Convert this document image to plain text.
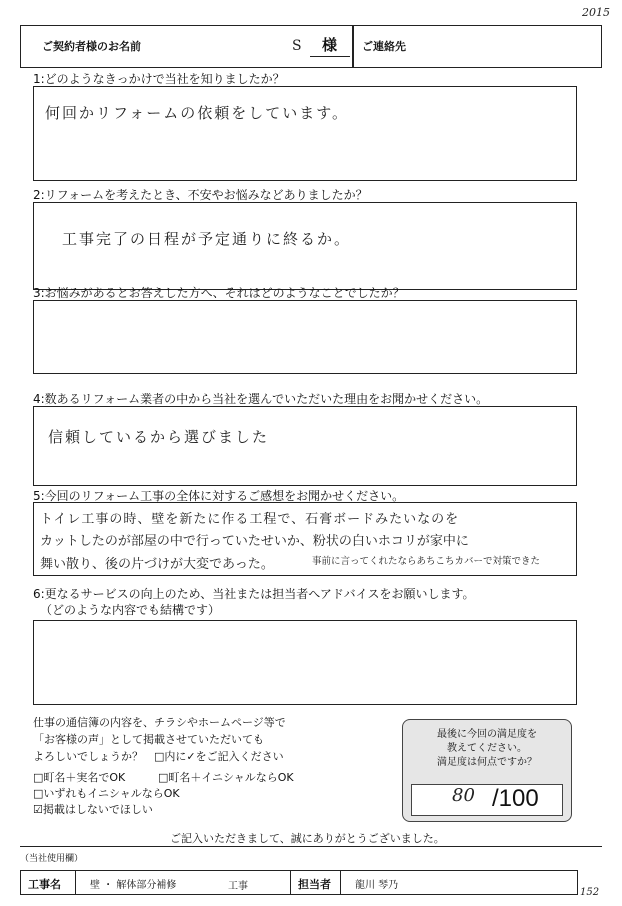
2015
ご契約者様のお名前	S 様 ご連絡先
1:どのようなきっかけで当社を知りましたか？
何回かリフォームの依頼をしています。
2:リフォームを考えたとき、不安やお悩みなどありましたか？
工事完了の日程が予定通りに終るか。
3:お悩みがあるとお答えした方へ、それはどのようなことでしたか？
4:数あるリフォーム業者の中から当社を選んでいただいた理由をお聞かせください。
信頼しているから選びました
5:今回のリフォーム工事の全体に対するご感想をお聞かせください。
トイレ工事の時、壁を新たに作る工程で、石膏ボードみたいなのを
カットしたのが部屋の中で行っていたせいか、粉状の白いホコリが家中に
舞い散り、後の片づけが大変であった。	事前に言ってくれたならあちこちカバーで対策できた
6:更なるサービスの向上のため、当社または担当者へアドバイスをお願いします。
（どのような内容でも結構です）
仕事の通信簿の内容を、チラシやホームページ等で
「お客様の声」として掲載させていただいても
よろしいでしょうか？　□内に✓をご記入ください
□町名＋実名でOK	□町名＋イニシャルならOK
□いずれもイニシャルならOK
☑掲載はしないでほしい
最後に今回の満足度を
教えてください。
満足度は何点ですか？
80 /100
ご記入いただきまして、誠にありがとうございました。
（当社使用欄）
工事名	壁 ・ 解体部分補修	工事	担当者 龍川 琴乃
152
